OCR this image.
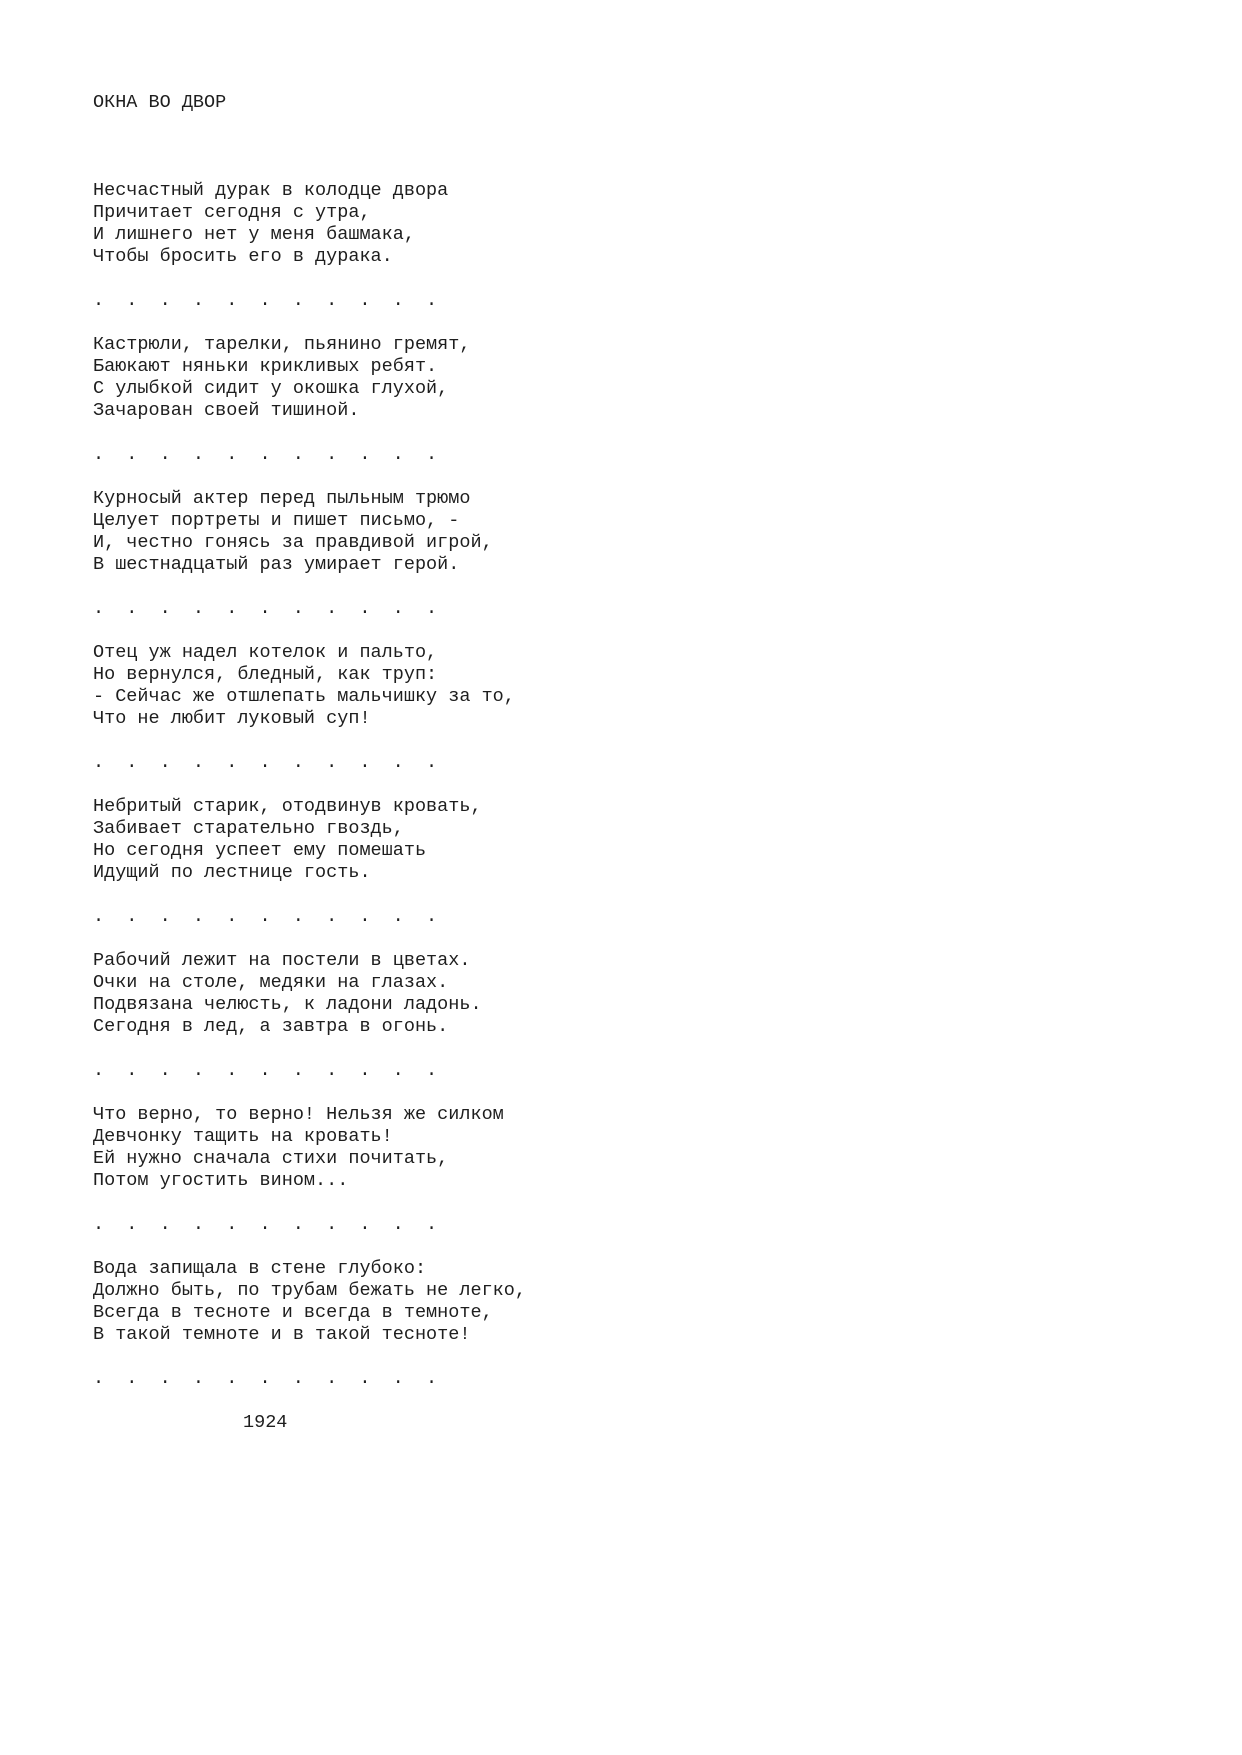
ОКНА ВО ДВОР
Несчастный дурак в колодце двора
Причитает сегодня с утра,
И лишнего нет у меня башмака,
Чтобы бросить его в дурака.
.	.	.	.	.	.	.	.	.	.	.
Кастрюли, тарелки, пьянино гремят,
Баюкают няньки крикливых ребят.
С улыбкой сидит у окошка глухой,
Зачарован своей тишиной.
.	.	.	.	.	.	.	.	.	.	.
Курносый актер перед пыльным трюмо
Целует портреты и пишет письмо, -
И, честно гонясь за правдивой игрой,
В шестнадцатый раз умирает герой.
.	.	.	.	.	.	.	.	.	.	.
Отец уж надел котелок и пальто,
Но вернулся, бледный, как труп:
- Сейчас же отшлепать мальчишку за то,
Что не любит луковый суп!
.	.	.	.	.	.	.	.	.	.	.
Небритый старик, отодвинув кровать,
Забивает старательно гвоздь,
Но сегодня успеет ему помешать
Идущий по лестнице гость.
.	.	.	.	.	.	.	.	.	.	.
Рабочий лежит на постели в цветах.
Очки на столе, медяки на глазах.
Подвязана челюсть, к ладони ладонь.
Сегодня в лед, а завтра в огонь.
.	.	.	.	.	.	.	.	.	.	.
Что верно, то верно! Нельзя же силком
Девчонку тащить на кровать!
Ей нужно сначала стихи почитать,
Потом угостить вином...
.	.	.	.	.	.	.	.	.	.	.
Вода запищала в стене глубоко:
Должно быть, по трубам бежать не легко,
Всегда в тесноте и всегда в темноте,
В такой темноте и в такой тесноте!
.	.	.	.	.	.	.	.	.	.	.
1924
